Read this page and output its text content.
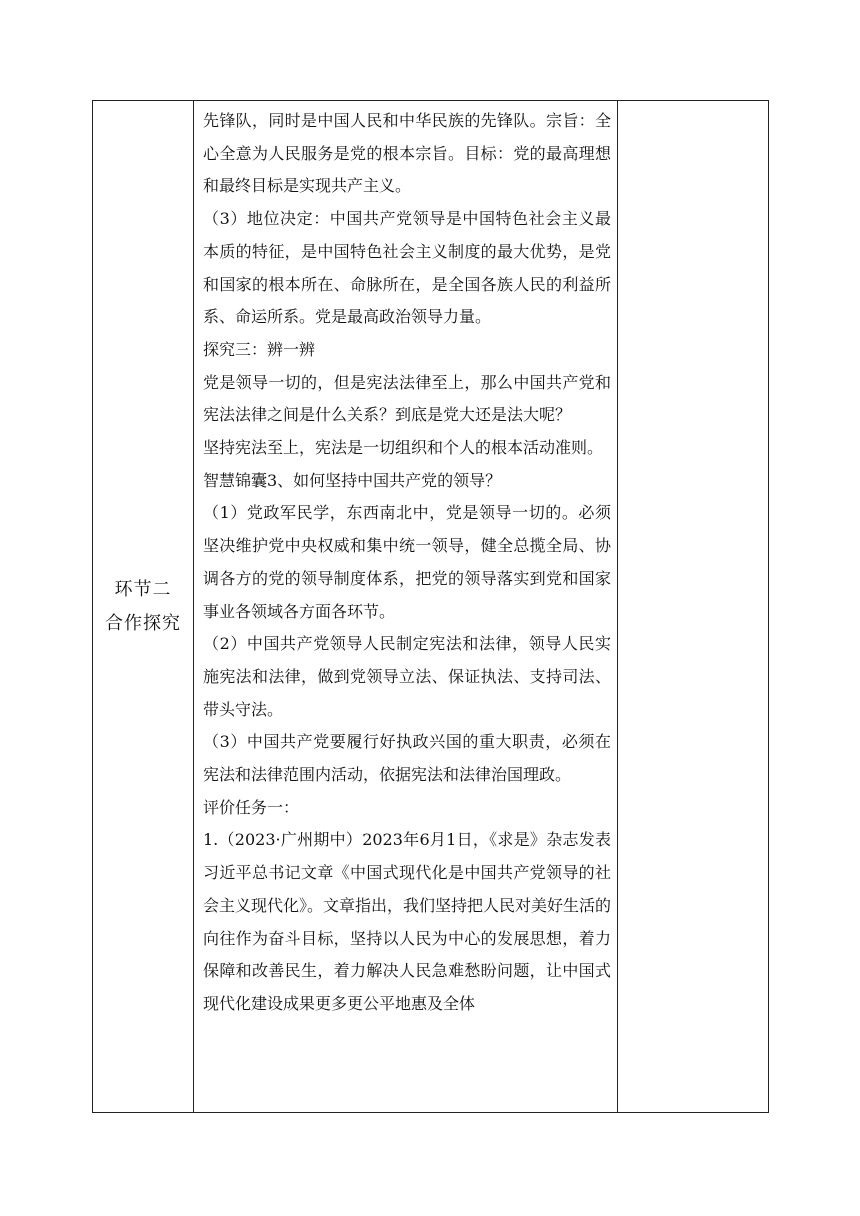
环节二
合作探究

先锋队，同时是中国人民和中华民族的先锋队。宗旨：全心全意为人民服务是党的根本宗旨。目标：党的最高理想和最终目标是实现共产主义。

（3）地位决定：中国共产党领导是中国特色社会主义最本质的特征，是中国特色社会主义制度的最大优势，是党和国家的根本所在、命脉所在，是全国各族人民的利益所系、命运所系。党是最高政治领导力量。

探究三：辨一辨

党是领导一切的，但是宪法法律至上，那么中国共产党和宪法法律之间是什么关系？到底是党大还是法大呢？

坚持宪法至上，宪法是一切组织和个人的根本活动准则。

智慧锦囊3、如何坚持中国共产党的领导？

（1）党政军民学，东西南北中，党是领导一切的。必须坚决维护党中央权威和集中统一领导，健全总揽全局、协调各方的党的领导制度体系，把党的领导落实到党和国家事业各领域各方面各环节。

（2）中国共产党领导人民制定宪法和法律，领导人民实施宪法和法律，做到党领导立法、保证执法、支持司法、带头守法。

（3）中国共产党要履行好执政兴国的重大职责，必须在宪法和法律范围内活动，依据宪法和法律治国理政。

评价任务一：

1.（2023·广州期中）2023年6月1日，《求是》杂志发表习近平总书记文章《中国式现代化是中国共产党领导的社会主义现代化》。文章指出，我们坚持把人民对美好生活的向往作为奋斗目标，坚持以人民为中心的发展思想，着力保障和改善民生，着力解决人民急难愁盼问题，让中国式现代化建设成果更多更公平地惠及全体
